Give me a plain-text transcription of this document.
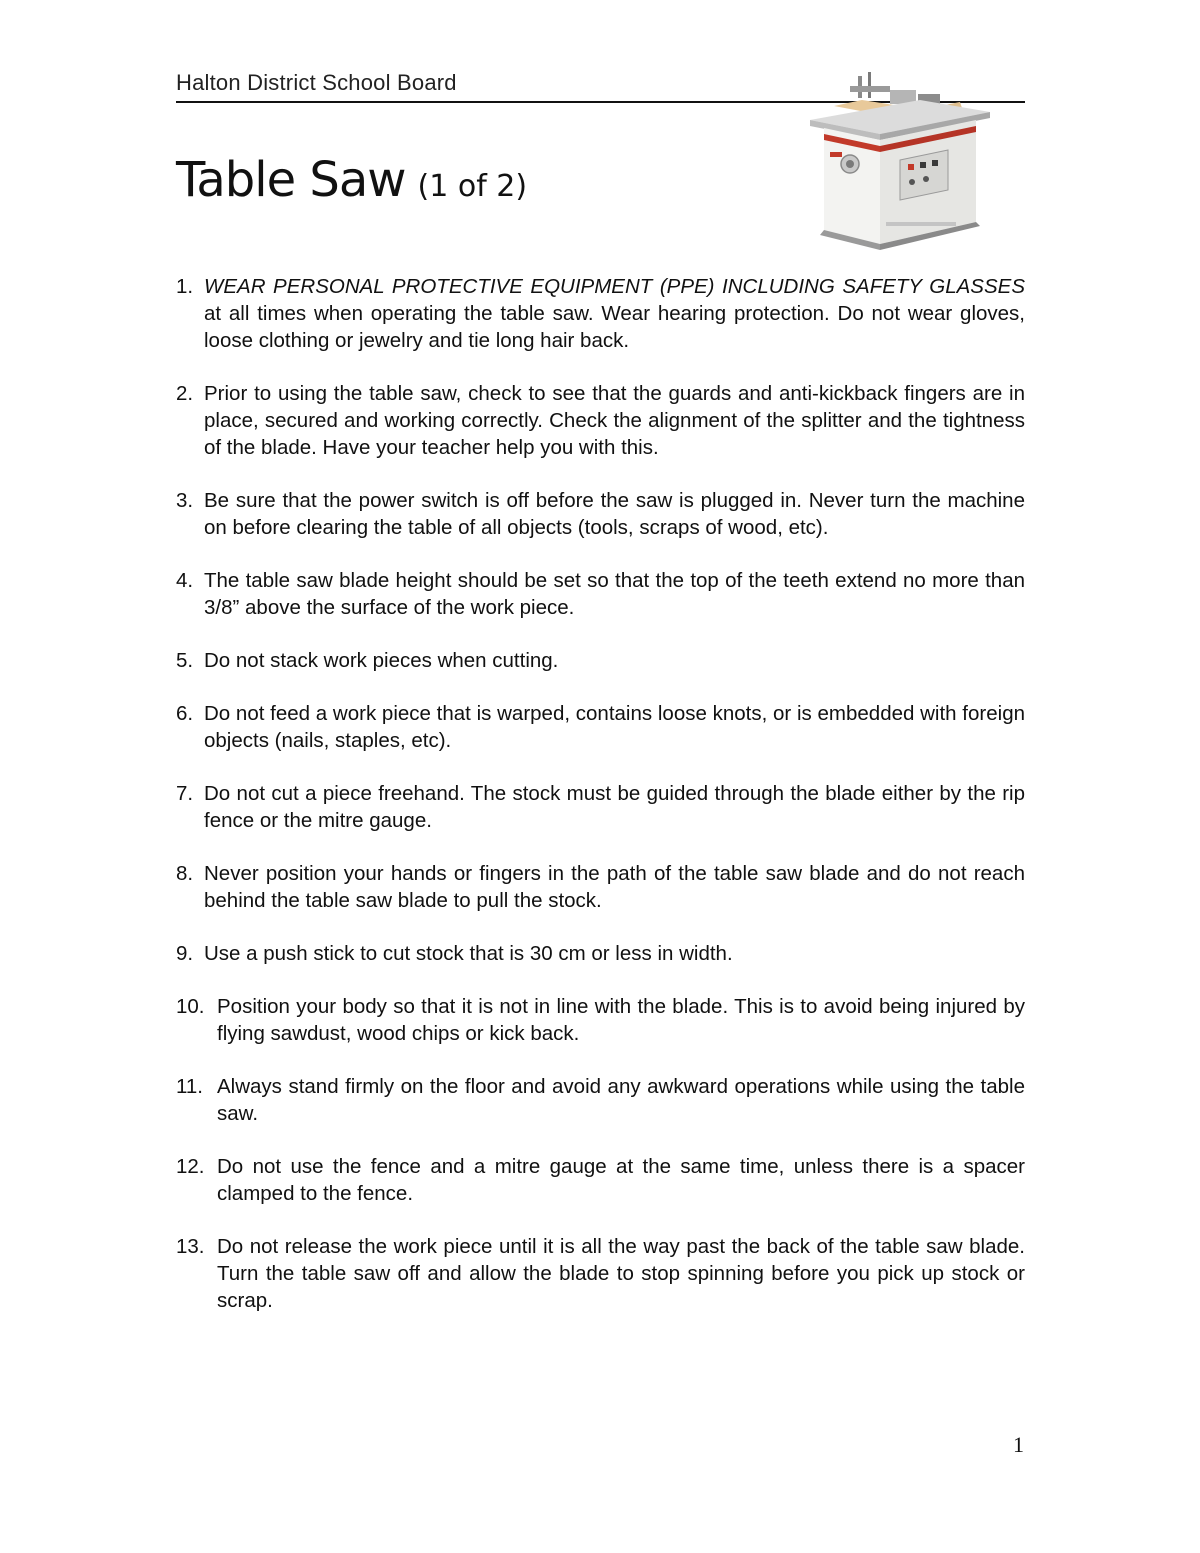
Halton District School Board
Table Saw (1 of 2)
1. WEAR PERSONAL PROTECTIVE EQUIPMENT (PPE) INCLUDING SAFETY GLASSES at all times when operating the table saw. Wear hearing protection. Do not wear gloves, loose clothing or jewelry and tie long hair back.
2. Prior to using the table saw, check to see that the guards and anti-kickback fingers are in place, secured and working correctly. Check the alignment of the splitter and the tightness of the blade. Have your teacher help you with this.
3. Be sure that the power switch is off before the saw is plugged in. Never turn the machine on before clearing the table of all objects (tools, scraps of wood, etc).
4. The table saw blade height should be set so that the top of the teeth extend no more than 3/8” above the surface of the work piece.
5. Do not stack work pieces when cutting.
6. Do not feed a work piece that is warped, contains loose knots, or is embedded with foreign objects (nails, staples, etc).
7. Do not cut a piece freehand. The stock must be guided through the blade either by the rip fence or the mitre gauge.
8. Never position your hands or fingers in the path of the table saw blade and do not reach behind the table saw blade to pull the stock.
9. Use a push stick to cut stock that is 30 cm or less in width.
10. Position your body so that it is not in line with the blade. This is to avoid being injured by flying sawdust, wood chips or kick back.
11. Always stand firmly on the floor and avoid any awkward operations while using the table saw.
12. Do not use the fence and a mitre gauge at the same time, unless there is a spacer clamped to the fence.
13. Do not release the work piece until it is all the way past the back of the table saw blade. Turn the table saw off and allow the blade to stop spinning before you pick up stock or scrap.
1
